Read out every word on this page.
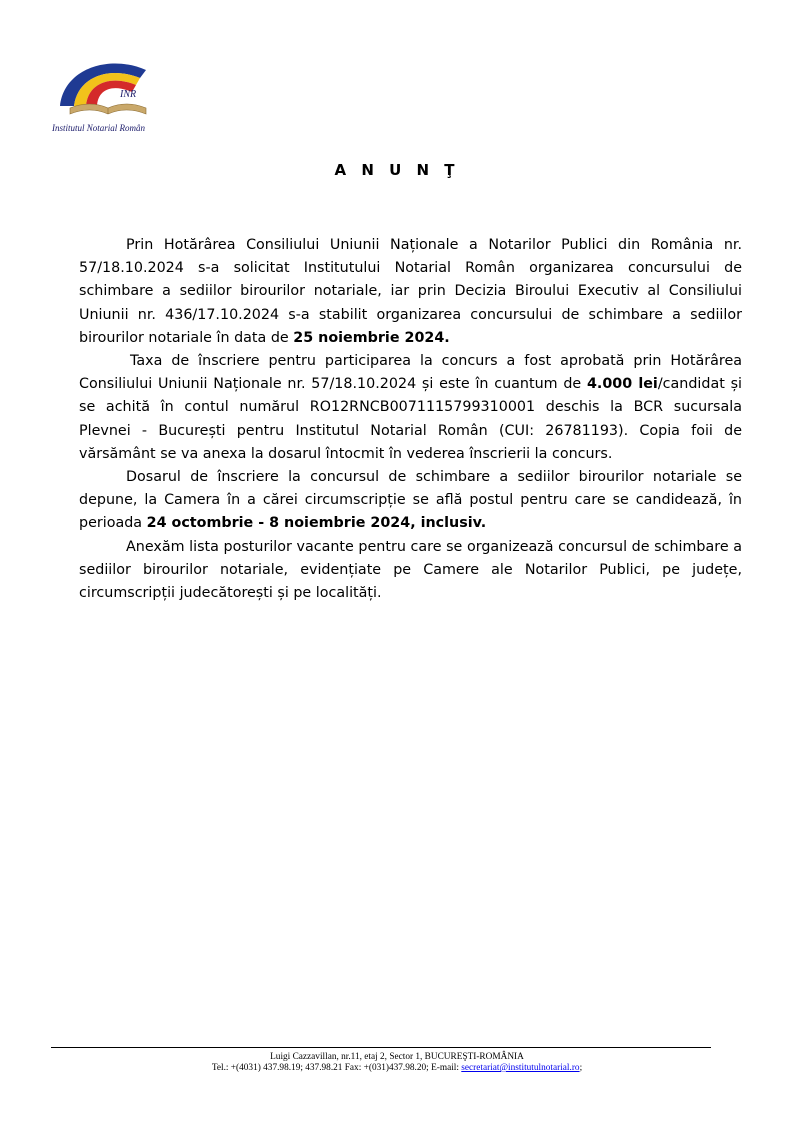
INR
Institutul Notarial Român
A N U N Ţ

Prin Hotărârea Consiliului Uniunii Naționale a Notarilor Publici din România nr. 57/18.10.2024 s-a solicitat Institutului Notarial Român organizarea concursului de schimbare a sediilor birourilor notariale, iar prin Decizia Biroului Executiv al Consiliului Uniunii nr. 436/17.10.2024 s-a stabilit organizarea concursului de schimbare a sediilor birourilor notariale în data de 25 noiembrie 2024.

Taxa de înscriere pentru participarea la concurs a fost aprobată prin Hotărârea Consiliului Uniunii Naționale nr. 57/18.10.2024 și este în cuantum de 4.000 lei/candidat și se achită în contul numărul RO12RNCB0071115799310001 deschis la BCR sucursala Plevnei - București pentru Institutul Notarial Român (CUI: 26781193). Copia foii de vărsământ se va anexa la dosarul întocmit în vederea înscrierii la concurs.

Dosarul de înscriere la concursul de schimbare a sediilor birourilor notariale se depune, la Camera în a cărei circumscripție se află postul pentru care se candidează, în perioada 24 octombrie - 8 noiembrie 2024, inclusiv.

Anexăm lista posturilor vacante pentru care se organizează concursul de schimbare a sediilor birourilor notariale, evidențiate pe Camere ale Notarilor Publici, pe județe, circumscripții judecătorești și pe localități.

Luigi Cazzavillan, nr.11, etaj 2, Sector 1, BUCUREŞTI-ROMÂNIA
Tel.: +(4031) 437.98.19; 437.98.21 Fax: +(031)437.98.20; E-mail: secretariat@institutulnotarial.ro;
